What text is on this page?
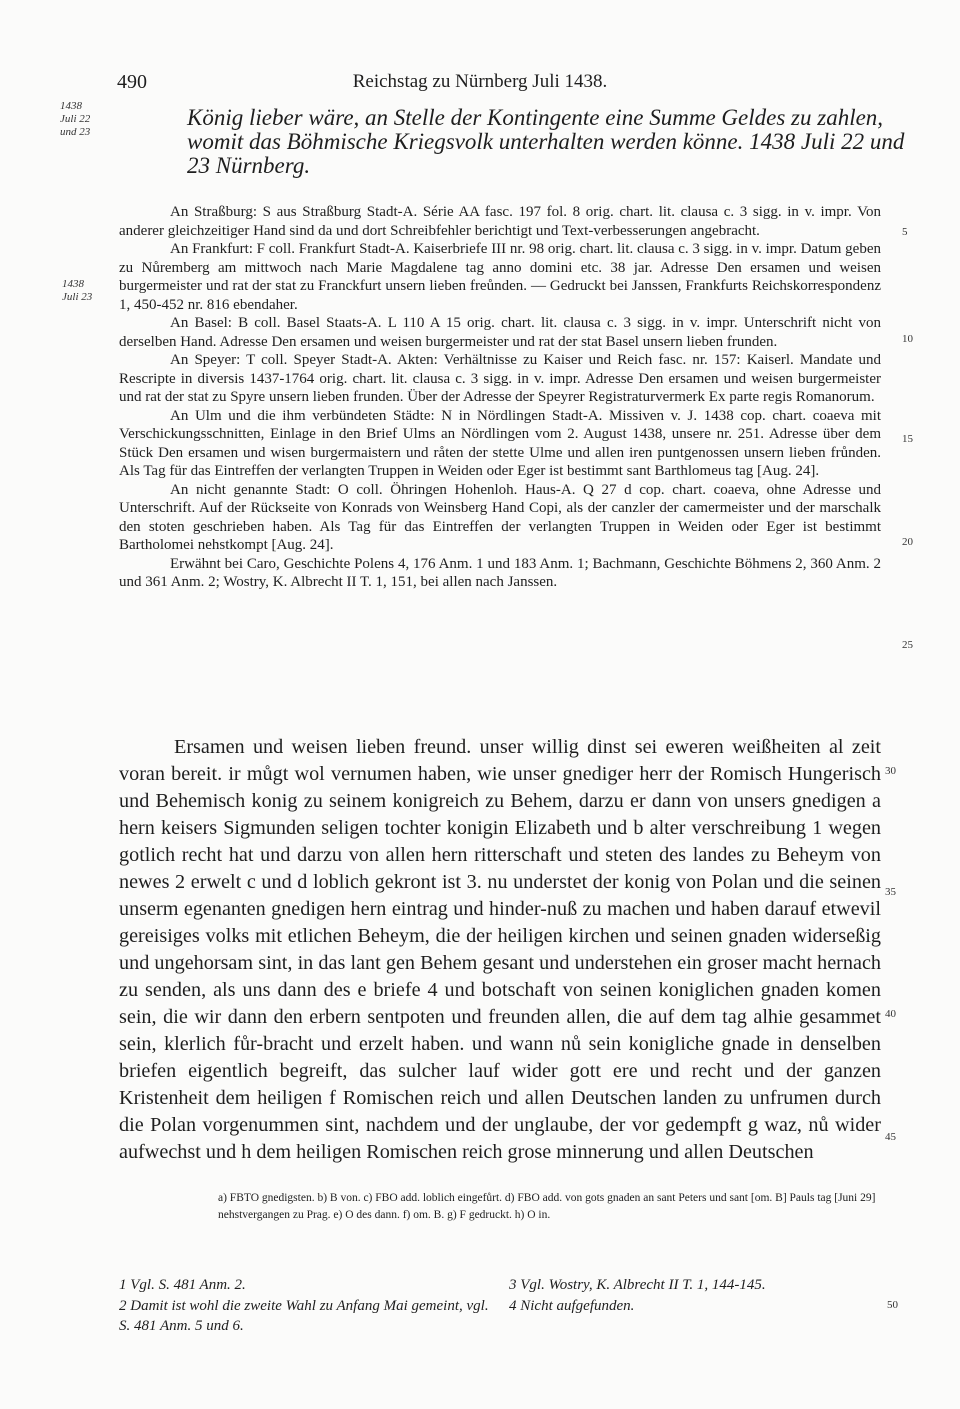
490	Reichstag zu Nürnberg Juli 1438.
1438
Juli 22
und 23
1438
Juli 23
König lieber wäre, an Stelle der Kontingente eine Summe Geldes zu zahlen, womit das Böhmische Kriegsvolk unterhalten werden könne. 1438 Juli 22 und 23 Nürnberg.

An Straßburg: S aus Straßburg Stadt-A. Série AA fasc. 197 fol. 8 orig. chart. lit. clausa c. 3 sigg. in v. impr. Von anderer gleichzeitiger Hand sind da und dort Schreibfehler berichtigt und Text-verbesserungen angebracht.

An Frankfurt: F coll. Frankfurt Stadt-A. Kaiserbriefe III nr. 98 orig. chart. lit. clausa c. 3 sigg. in v. impr. Datum geben zu Nůremberg am mittwoch nach Marie Magdalene tag anno domini etc. 38 jar. Adresse Den ersamen und weisen burgermeister und rat der stat zu Franckfurt unsern lieben freůnden. — Gedruckt bei Janssen, Frankfurts Reichskorrespondenz 1, 450-452 nr. 816 ebendaher.

An Basel: B coll. Basel Staats-A. L 110 A 15 orig. chart. lit. clausa c. 3 sigg. in v. impr. Unterschrift nicht von derselben Hand. Adresse Den ersamen und weisen burgermeister und rat der stat Basel unsern lieben frunden.

An Speyer: T coll. Speyer Stadt-A. Akten: Verhältnisse zu Kaiser und Reich fasc. nr. 157: Kaiserl. Mandate und Rescripte in diversis 1437-1764 orig. chart. lit. clausa c. 3 sigg. in v. impr. Adresse Den ersamen und weisen burgermeister und rat der stat zu Spyre unsern lieben frunden. Über der Adresse der Speyrer Registraturvermerk Ex parte regis Romanorum.

An Ulm und die ihm verbündeten Städte: N in Nördlingen Stadt-A. Missiven v. J. 1438 cop. chart. coaeva mit Verschickungsschnitten, Einlage in den Brief Ulms an Nördlingen vom 2. August 1438, unsere nr. 251. Adresse über dem Stück Den ersamen und wisen burgermaistern und råten der stette Ulme und allen iren puntgenossen unsern lieben frůnden. Als Tag für das Eintreffen der verlangten Truppen in Weiden oder Eger ist bestimmt sant Barthlomeus tag [Aug. 24].

An nicht genannte Stadt: O coll. Öhringen Hohenloh. Haus-A. Q 27 d cop. chart. coaeva, ohne Adresse und Unterschrift. Auf der Rückseite von Konrads von Weinsberg Hand Copi, als der canzler der camermeister und der marschalk den stoten geschrieben haben. Als Tag für das Eintreffen der verlangten Truppen in Weiden oder Eger ist bestimmt Bartholomei nehstkompt [Aug. 24].

Erwähnt bei Caro, Geschichte Polens 4, 176 Anm. 1 und 183 Anm. 1; Bachmann, Geschichte Böhmens 2, 360 Anm. 2 und 361 Anm. 2; Wostry, K. Albrecht II T. 1, 151, bei allen nach Janssen.

5
10
15
20
25

Ersamen und weisen lieben freund. unser willig dinst sei eweren weißheiten al zeit voran bereit. ir můgt wol vernumen haben, wie unser gnediger herr der Romisch Hungerisch und Behemisch konig zu seinem konigreich zu Behem, darzu er dann von unsers gnedigen a hern keisers Sigmunden seligen tochter konigin Elizabeth und b alter verschreibung 1 wegen gotlich recht hat und darzu von allen hern ritterschaft und steten des landes zu Beheym von newes 2 erwelt c und d loblich gekront ist 3. nu understet der konig von Polan und die seinen unserm egenanten gnedigen hern eintrag und hinder-nuß zu machen und haben darauf etwevil gereisiges volks mit etlichen Beheym, die der heiligen kirchen und seinen gnaden widerseßig und ungehorsam sint, in das lant gen Behem gesant und understehen ein groser macht hernach zu senden, als uns dann des e briefe 4 und botschaft von seinen koniglichen gnaden komen sein, die wir dann den erbern sentpoten und freunden allen, die auf dem tag alhie gesammet sein, klerlich fůr-bracht und erzelt haben. und wann nů sein konigliche gnade in denselben briefen eigentlich begreift, das sulcher lauf wider gott ere und recht und der ganzen Kristenheit dem heiligen f Romischen reich und allen Deutschen landen zu unfrumen durch die Polan vorgenummen sint, nachdem und der unglaube, der vor gedempft g waz, nů wider aufwechst und h dem heiligen Romischen reich grose minnerung und allen Deutschen

30
35
40
45
a) FBTO gnedigsten. b) B von. c) FBO add. loblich eingefůrt. d) FBO add. von gots gnaden an sant Peters und sant [om. B] Pauls tag [Juni 29] nehstvergangen zu Prag. e) O des dann. f) om. B. g) F gedruckt. h) O in.
1 Vgl. S. 481 Anm. 2.
2 Damit ist wohl die zweite Wahl zu Anfang Mai gemeint, vgl. S. 481 Anm. 5 und 6.
3 Vgl. Wostry, K. Albrecht II T. 1, 144-145.
4 Nicht aufgefunden.	50
